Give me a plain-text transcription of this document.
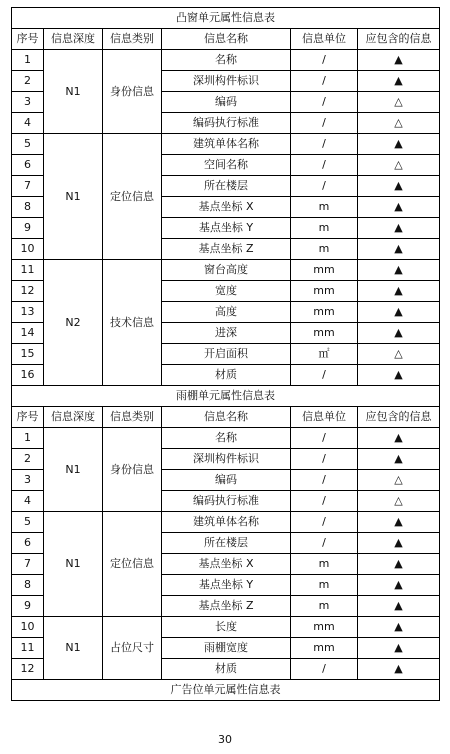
凸窗单元属性信息表					
序号	信息深度	信息类别	信息名称	信息单位	应包含的信息
1	N1	身份信息	名称	/	▲
2			深圳构件标识	/	▲
3			编码	/	△
4			编码执行标准	/	△
5	N1	定位信息	建筑单体名称	/	▲
6			空间名称	/	△
7			所在楼层	/	▲
8			基点坐标 X	m	▲
9			基点坐标 Y	m	▲
10			基点坐标 Z	m	▲
11	N2	技术信息	窗台高度	mm	▲
12			宽度	mm	▲
13			高度	mm	▲
14			进深	mm	▲
15			开启面积	㎡	△
16			材质	/	▲
雨棚单元属性信息表					
序号	信息深度	信息类别	信息名称	信息单位	应包含的信息
1	N1	身份信息	名称	/	▲
2			深圳构件标识	/	▲
3			编码	/	△
4			编码执行标准	/	△
5	N1	定位信息	建筑单体名称	/	▲
6			所在楼层	/	▲
7			基点坐标 X	m	▲
8			基点坐标 Y	m	▲
9			基点坐标 Z	m	▲
10	N1	占位尺寸	长度	mm	▲
11			雨棚宽度	mm	▲
12			材质	/	▲
广告位单元属性信息表					
30
